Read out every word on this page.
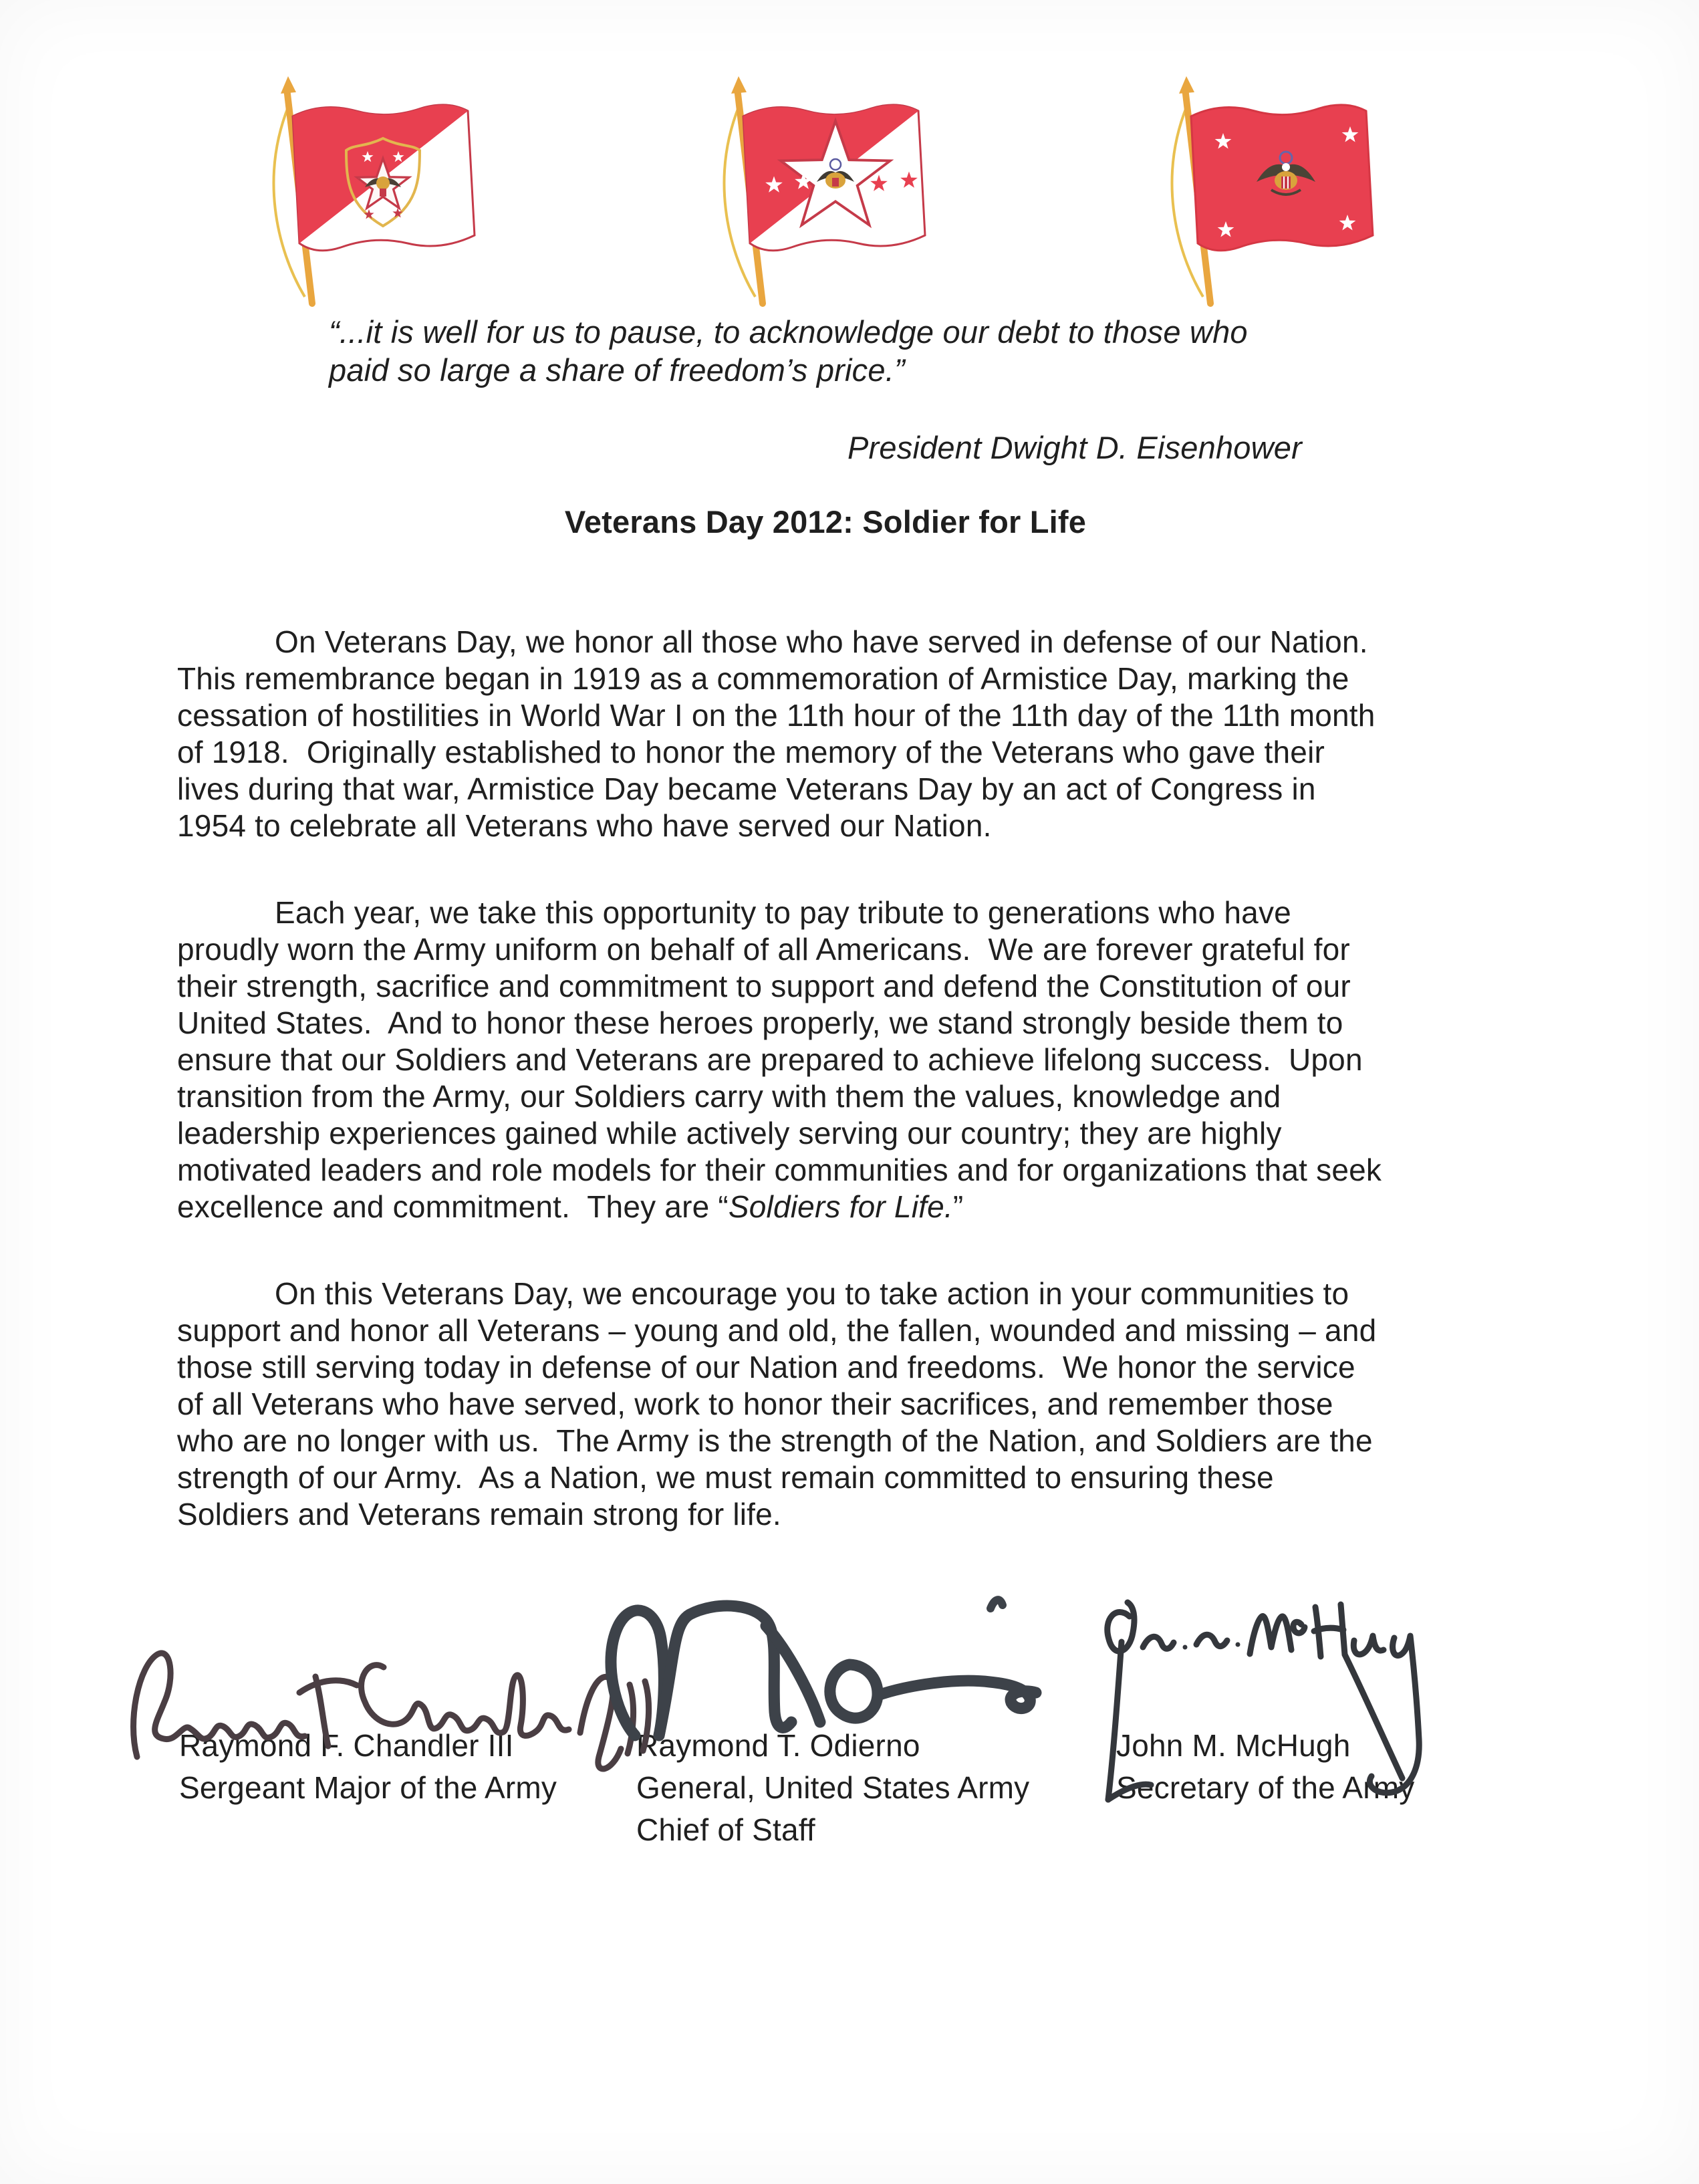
“...it is well for us to pause, to acknowledge our debt to those who
paid so large a share of freedom’s price.”
President Dwight D. Eisenhower
Veterans Day 2012: Soldier for Life
On Veterans Day, we honor all those who have served in defense of our Nation.
This remembrance began in 1919 as a commemoration of Armistice Day, marking the
cessation of hostilities in World War I on the 11th hour of the 11th day of the 11th month
of 1918.  Originally established to honor the memory of the Veterans who gave their
lives during that war, Armistice Day became Veterans Day by an act of Congress in
1954 to celebrate all Veterans who have served our Nation.
Each year, we take this opportunity to pay tribute to generations who have
proudly worn the Army uniform on behalf of all Americans.  We are forever grateful for
their strength, sacrifice and commitment to support and defend the Constitution of our
United States.  And to honor these heroes properly, we stand strongly beside them to
ensure that our Soldiers and Veterans are prepared to achieve lifelong success.  Upon
transition from the Army, our Soldiers carry with them the values, knowledge and
leadership experiences gained while actively serving our country; they are highly
motivated leaders and role models for their communities and for organizations that seek
excellence and commitment.  They are “Soldiers for Life.”
On this Veterans Day, we encourage you to take action in your communities to
support and honor all Veterans – young and old, the fallen, wounded and missing – and
those still serving today in defense of our Nation and freedoms.  We honor the service
of all Veterans who have served, work to honor their sacrifices, and remember those
who are no longer with us.  The Army is the strength of the Nation, and Soldiers are the
strength of our Army.  As a Nation, we must remain committed to ensuring these
Soldiers and Veterans remain strong for life.
Raymond F. Chandler III
Sergeant Major of the Army
Raymond T. Odierno
General, United States Army
Chief of Staff
John M. McHugh
Secretary of the Army
